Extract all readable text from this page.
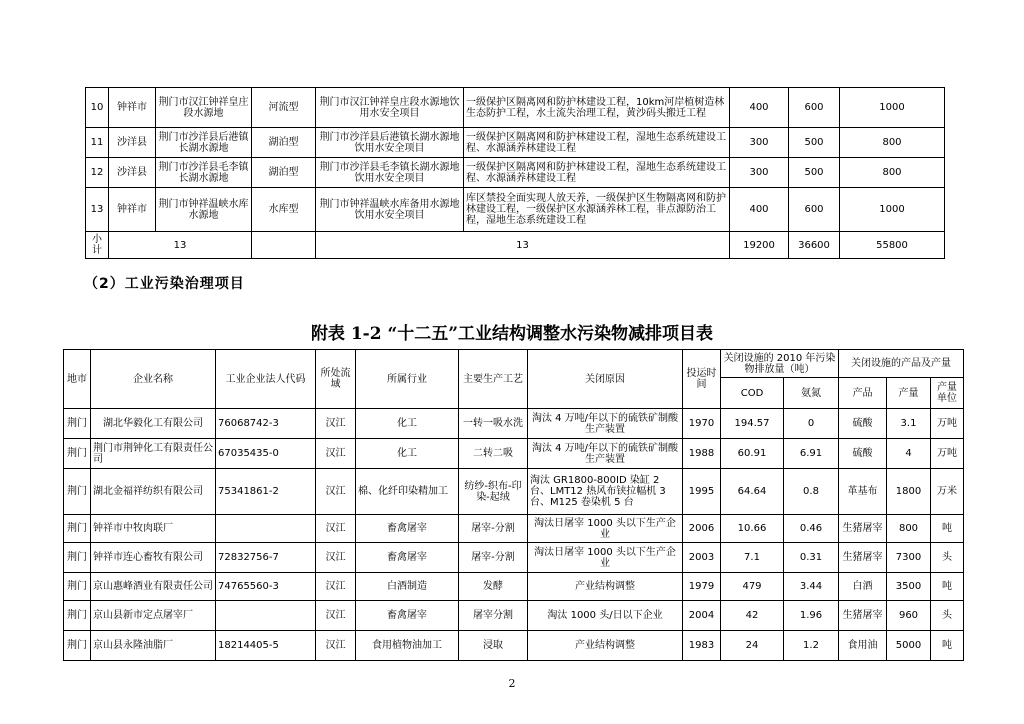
10	钟祥市	荆门市汉江钟祥皇庄段水源地	河流型	荆门市汉江钟祥皇庄段水源地饮用水安全项目	一级保护区隔离网和防护林建设工程，10km河岸植树造林生态防护工程，水土流失治理工程，黄沙码头搬迁工程	400	600	1000
11	沙洋县	荆门市沙洋县后港镇长湖水源地	湖泊型	荆门市沙洋县后港镇长湖水源地饮用水安全项目	一级保护区隔离网和防护林建设工程，湿地生态系统建设工程、水源涵养林建设工程	300	500	800
12	沙洋县	荆门市沙洋县毛李镇长湖水源地	湖泊型	荆门市沙洋县毛李镇长湖水源地饮用水安全项目	一级保护区隔离网和防护林建设工程，湿地生态系统建设工程、水源涵养林建设工程	300	500	800
13	钟祥市	荆门市钟祥温峡水库水源地	水库型	荆门市钟祥温峡水库备用水源地饮用水安全项目	库区禁投全面实现人放天养，一级保护区生物隔离网和防护林建设工程，一级保护区水源涵养林工程，非点源防治工程，湿地生态系统建设工程	400	600	1000
小计	13			13		19200	36600	55800
（2）工业污染治理项目
附表 1-2 “十二五”工业结构调整水污染物减排项目表
地市	企业名称	工业企业法人代码	所处流域	所属行业	主要生产工艺	关闭原因	投运时间	关闭设施的 2010 年污染物排放量（吨）		关闭设施的产品及产量		
								COD	氨氮	产品	产量	产量单位
荆门	湖北华毅化工有限公司	76068742-3	汉江	化工	一转一吸水洗	淘汰 4 万吨/年以下的硫铁矿制酸生产装置	1970	194.57	0	硫酸	3.1	万吨
荆门	荆门市荆钟化工有限责任公司	67035435-0	汉江	化工	二转二吸	淘汰 4 万吨/年以下的硫铁矿制酸生产装置	1988	60.91	6.91	硫酸	4	万吨
荆门	湖北金福祥纺织有限公司	75341861-2	汉江	棉、化纤印染精加工	纺纱-织布-印染-起绒	淘汰 GR1800-800ID 染缸 2 台、LMT12 热风布铗拉幅机 3 台、M125 卷染机 5 台	1995	64.64	0.8	革基布	1800	万米
荆门	钟祥市中牧肉联厂		汉江	畜禽屠宰	屠宰-分割	淘汰日屠宰 1000 头以下生产企业	2006	10.66	0.46	生猪屠宰	800	吨
荆门	钟祥市连心畜牧有限公司	72832756-7	汉江	畜禽屠宰	屠宰-分割	淘汰日屠宰 1000 头以下生产企业	2003	7.1	0.31	生猪屠宰	7300	头
荆门	京山惠峰酒业有限责任公司	74765560-3	汉江	白酒制造	发酵	产业结构调整	1979	479	3.44	白酒	3500	吨
荆门	京山县新市定点屠宰厂		汉江	畜禽屠宰	屠宰分割	淘汰 1000 头/日以下企业	2004	42	1.96	生猪屠宰	960	头
荆门	京山县永隆油脂厂	18214405-5	汉江	食用植物油加工	浸取	产业结构调整	1983	24	1.2	食用油	5000	吨
2
